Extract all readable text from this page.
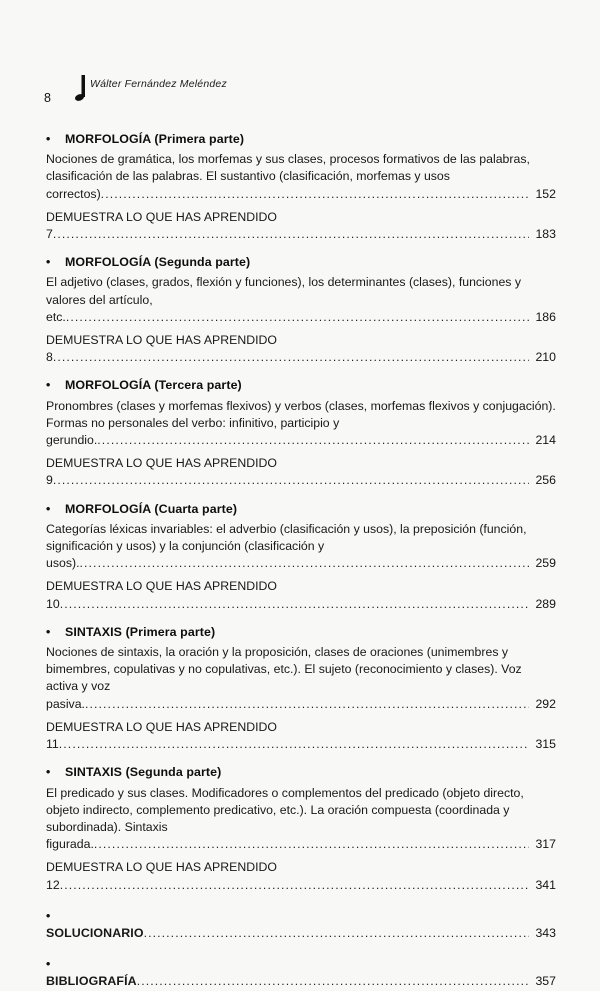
Wálter Fernández Meléndez
8
• MORFOLOGÍA (Primera parte)

Nociones de gramática, los morfemas y sus clases, procesos formativos de las palabras, clasificación de las palabras. El sustantivo (clasificación, morfemas y usos correctos) .....	152

DEMUESTRA LO QUE HAS APRENDIDO 7 .....	183

• MORFOLOGÍA (Segunda parte)

El adjetivo (clases, grados, flexión y funciones), los determinantes (clases), funciones y valores del artículo, etc. .....	186

DEMUESTRA LO QUE HAS APRENDIDO 8 .....	210

• MORFOLOGÍA (Tercera parte)

Pronombres (clases y morfemas flexivos) y verbos (clases, morfemas flexivos y conjugación). Formas no personales del verbo: infinitivo, participio y gerundio. .....	214

DEMUESTRA LO QUE HAS APRENDIDO 9 .....	256

• MORFOLOGÍA (Cuarta parte)

Categorías léxicas invariables: el adverbio (clasificación y usos), la preposición (función, significación y usos) y la conjunción (clasificación y usos). .....	259

DEMUESTRA LO QUE HAS APRENDIDO 10 .....	289

• SINTAXIS (Primera parte)

Nociones de sintaxis, la oración y la proposición, clases de oraciones (unimembres y bimembres, copulativas y no copulativas, etc.). El sujeto (reconocimiento y clases). Voz activa y voz pasiva. .....	292

DEMUESTRA LO QUE HAS APRENDIDO 11 .....	315

• SINTAXIS (Segunda parte)

El predicado y sus clases. Modificadores o complementos del predicado (objeto directo, objeto indirecto, complemento predicativo, etc.). La oración compuesta (coordinada y subordinada). Sintaxis figurada. .....	317

DEMUESTRA LO QUE HAS APRENDIDO 12 .....	341

•SOLUCIONARIO .....	343

•BIBLIOGRAFÍA .....	357
